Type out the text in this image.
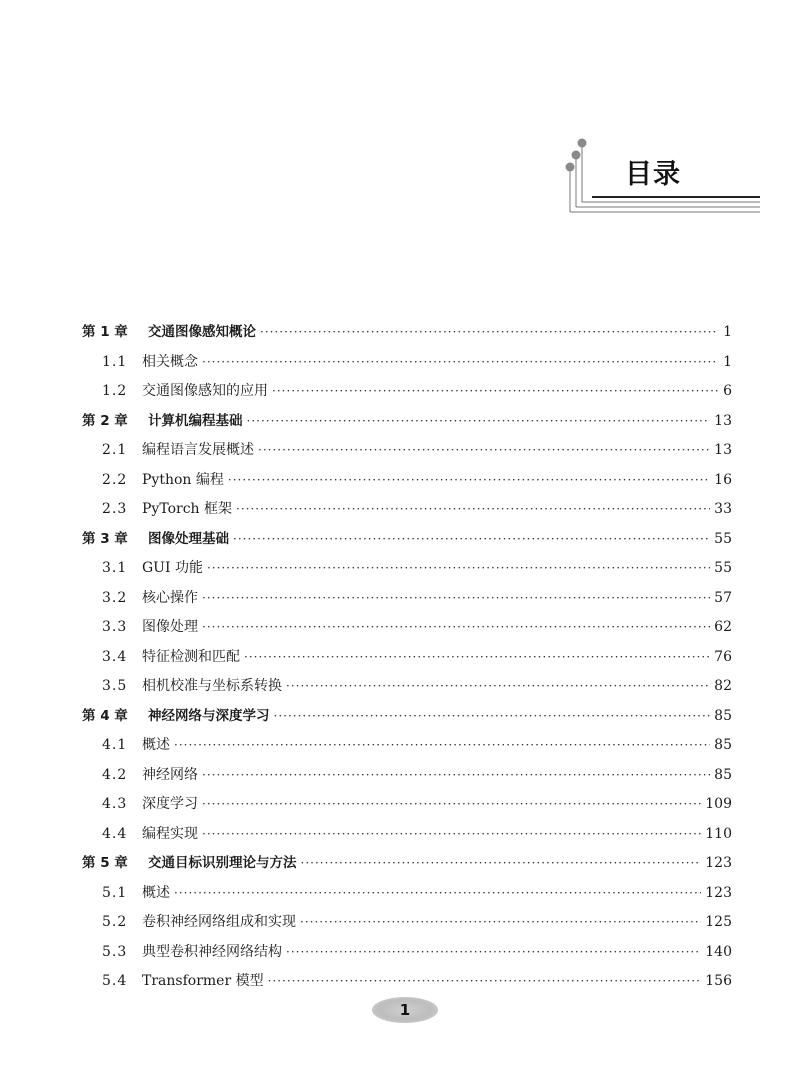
目录
第 1 章	交通图像感知概论 ·····	1
1.1	相关概念 ·····	1
1.2	交通图像感知的应用 ·····	6
第 2 章	计算机编程基础 ·····	13
2.1	编程语言发展概述 ·····	13
2.2	Python 编程 ·····	16
2.3	PyTorch 框架 ·····	33
第 3 章	图像处理基础 ·····	55
3.1	GUI 功能 ·····	55
3.2	核心操作 ·····	57
3.3	图像处理 ·····	62
3.4	特征检测和匹配 ·····	76
3.5	相机校准与坐标系转换 ·····	82
第 4 章	神经网络与深度学习 ·····	85
4.1	概述 ·····	85
4.2	神经网络 ·····	85
4.3	深度学习 ·····	109
4.4	编程实现 ·····	110
第 5 章	交通目标识别理论与方法 ·····	123
5.1	概述 ·····	123
5.2	卷积神经网络组成和实现 ·····	125
5.3	典型卷积神经网络结构 ·····	140
5.4	Transformer 模型 ·····	156
1
